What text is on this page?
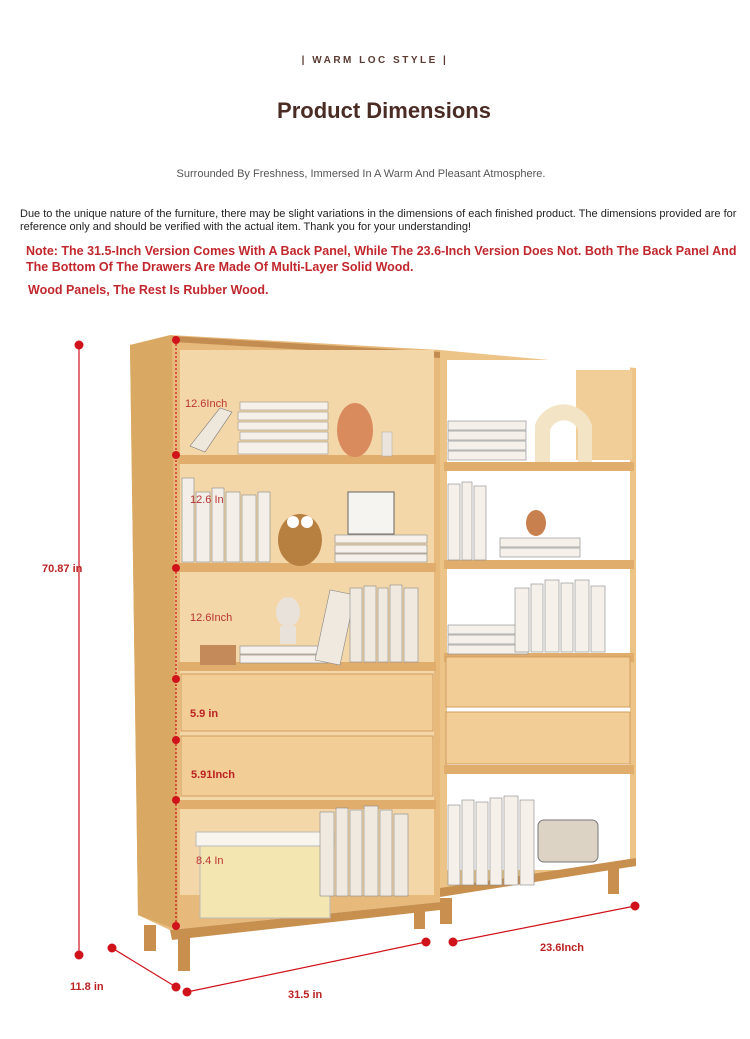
| WARM LOC STYLE |
Product Dimensions
Surrounded By Freshness, Immersed In A Warm And Pleasant Atmosphere.
Due to the unique nature of the furniture, there may be slight variations in the dimensions of each finished product. The dimensions provided are for reference only and should be verified with the actual item. Thank you for your understanding!
Note: The 31.5-Inch Version Comes With A Back Panel, While The 23.6-Inch Version Does Not. Both The Back Panel And The Bottom Of The Drawers Are Made Of Multi-Layer Solid Wood.
Wood Panels, The Rest Is Rubber Wood.
70.87 in
11.8 in
31.5 in
23.6Inch
12.6Inch
12.6 In
12.6Inch
5.9 in
5.91Inch
8.4 In
